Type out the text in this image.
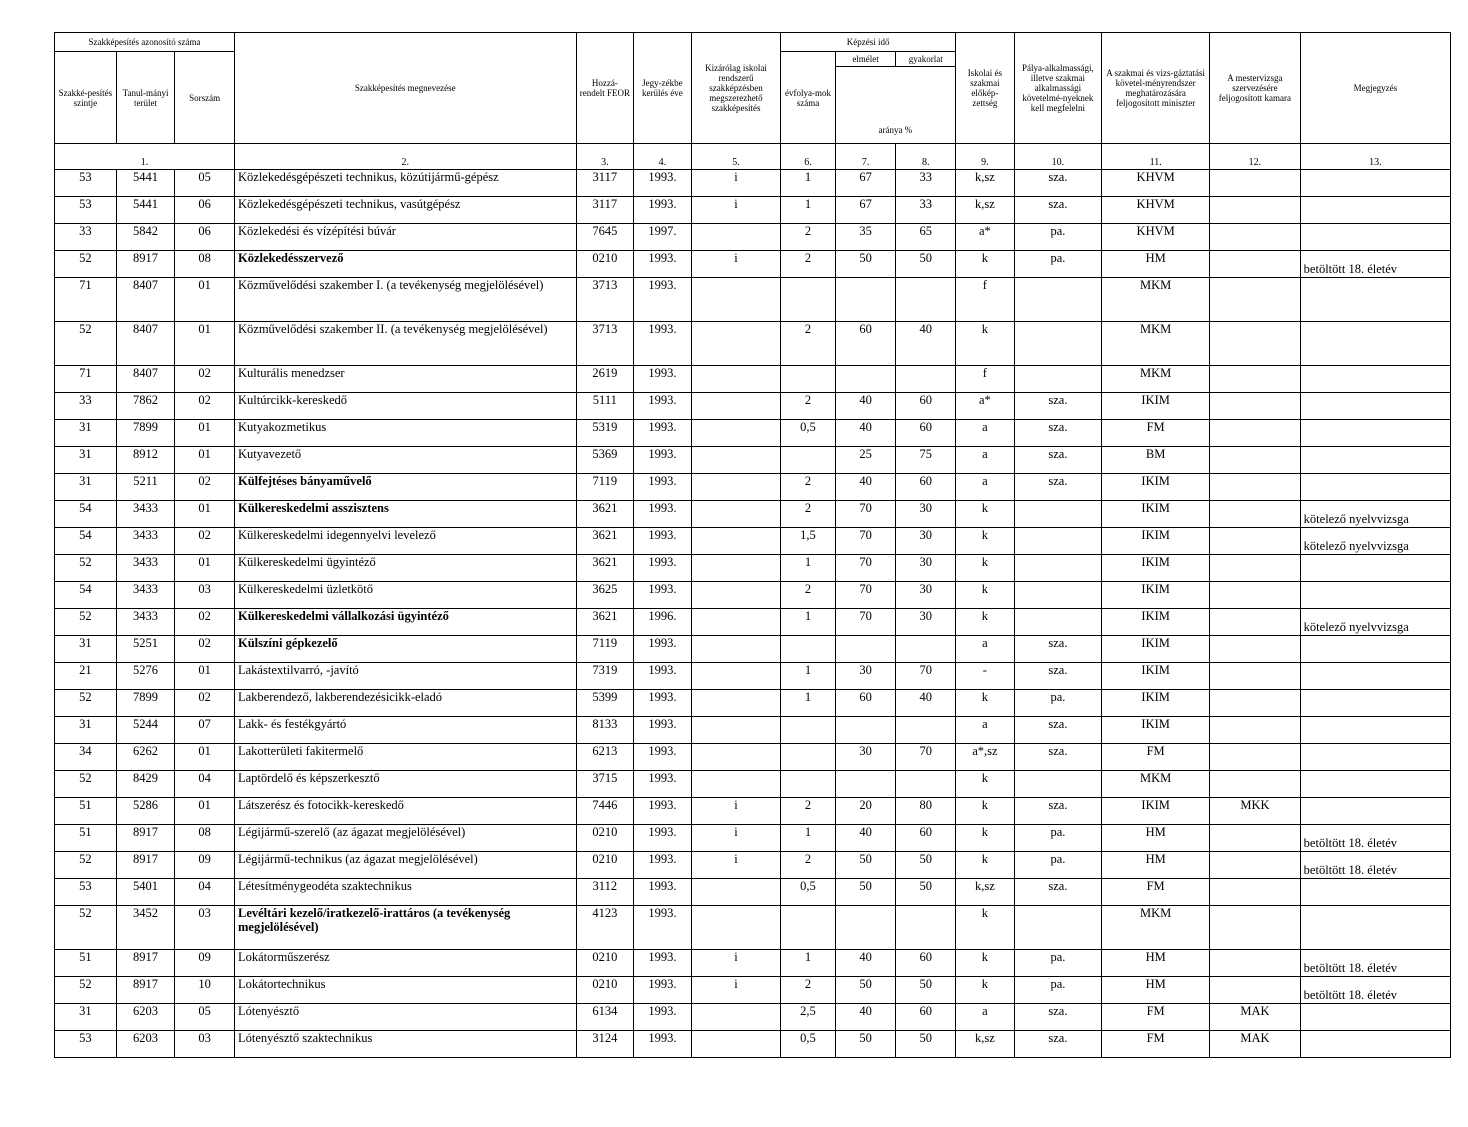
Szakképesítés azonosító száma			Szakképesítés megnevezése	Hozzá-rendelt FEOR	Jegy-zékbe kerülés éve	Kizárólag iskolai rendszerű szakképzésben megszerezhető szakképesítés	Képzési idő			Iskolai és szakmai előkép-zettség	Pálya-alkalmassági, illetve szakmai alkalmassági követelmé-nyeknek kell megfelelni	A szakmai és vizs-gáztatási követel-ményrendszer meghatározására feljogosított miniszter	A mestervizsga szervezésére feljogosított kamara	Megjegyzés
Szakké-pesítés szintje	Tanul-mányi terület	Sorszám					évfolya-mok száma	elmélet	gyakorlat					
								aránya %						
1.			2.	3.	4.	5.	6.	7.	8.	9.	10.	11.	12.	13.
53	5441	05	Közlekedésgépészeti technikus, közútijármű-gépész	3117	1993.	i	1	67	33	k,sz	sza.	KHVM		
53	5441	06	Közlekedésgépészeti technikus, vasútgépész	3117	1993.	i	1	67	33	k,sz	sza.	KHVM		
33	5842	06	Közlekedési és vízépítési búvár	7645	1997.		2	35	65	a*	pa.	KHVM		
52	8917	08	Közlekedésszervező	0210	1993.	i	2	50	50	k	pa.	HM		betöltött 18. életév
71	8407	01	Közművelődési szakember I. (a tevékenység megjelölésével)	3713	1993.					f		MKM		
52	8407	01	Közművelődési szakember II. (a tevékenység megjelölésével)	3713	1993.		2	60	40	k		MKM		
71	8407	02	Kulturális menedzser	2619	1993.					f		MKM		
33	7862	02	Kultúrcikk-kereskedő	5111	1993.		2	40	60	a*	sza.	IKIM		
31	7899	01	Kutyakozmetikus	5319	1993.		0,5	40	60	a	sza.	FM		
31	8912	01	Kutyavezető	5369	1993.			25	75	a	sza.	BM		
31	5211	02	Külfejtéses bányaművelő	7119	1993.		2	40	60	a	sza.	IKIM		
54	3433	01	Külkereskedelmi asszisztens	3621	1993.		2	70	30	k		IKIM		kötelező nyelvvizsga
54	3433	02	Külkereskedelmi idegennyelvi levelező	3621	1993.		1,5	70	30	k		IKIM		kötelező nyelvvizsga
52	3433	01	Külkereskedelmi ügyintéző	3621	1993.		1	70	30	k		IKIM		
54	3433	03	Külkereskedelmi üzletkötő	3625	1993.		2	70	30	k		IKIM		
52	3433	02	Külkereskedelmi vállalkozási ügyintéző	3621	1996.		1	70	30	k		IKIM		kötelező nyelvvizsga
31	5251	02	Külszíni gépkezelő	7119	1993.					a	sza.	IKIM		
21	5276	01	Lakástextilvarró, -javító	7319	1993.		1	30	70	-	sza.	IKIM		
52	7899	02	Lakberendező, lakberendezésicikk-eladó	5399	1993.		1	60	40	k	pa.	IKIM		
31	5244	07	Lakk- és festékgyártó	8133	1993.					a	sza.	IKIM		
34	6262	01	Lakotterületi fakitermelő	6213	1993.			30	70	a*,sz	sza.	FM		
52	8429	04	Laptördelő és képszerkesztő	3715	1993.					k		MKM		
51	5286	01	Látszerész és fotocikk-kereskedő	7446	1993.	i	2	20	80	k	sza.	IKIM	MKK	
51	8917	08	Légijármű-szerelő (az ágazat megjelölésével)	0210	1993.	i	1	40	60	k	pa.	HM		betöltött 18. életév
52	8917	09	Légijármű-technikus (az ágazat megjelölésével)	0210	1993.	i	2	50	50	k	pa.	HM		betöltött 18. életév
53	5401	04	Létesítménygeodéta szaktechnikus	3112	1993.		0,5	50	50	k,sz	sza.	FM		
52	3452	03	Levéltári kezelő/iratkezelő-irattáros (a tevékenység megjelölésével)	4123	1993.					k		MKM		
51	8917	09	Lokátorműszerész	0210	1993.	i	1	40	60	k	pa.	HM		betöltött 18. életév
52	8917	10	Lokátortechnikus	0210	1993.	i	2	50	50	k	pa.	HM		betöltött 18. életév
31	6203	05	Lótenyésztő	6134	1993.		2,5	40	60	a	sza.	FM	MAK	
53	6203	03	Lótenyésztő szaktechnikus	3124	1993.		0,5	50	50	k,sz	sza.	FM	MAK	
